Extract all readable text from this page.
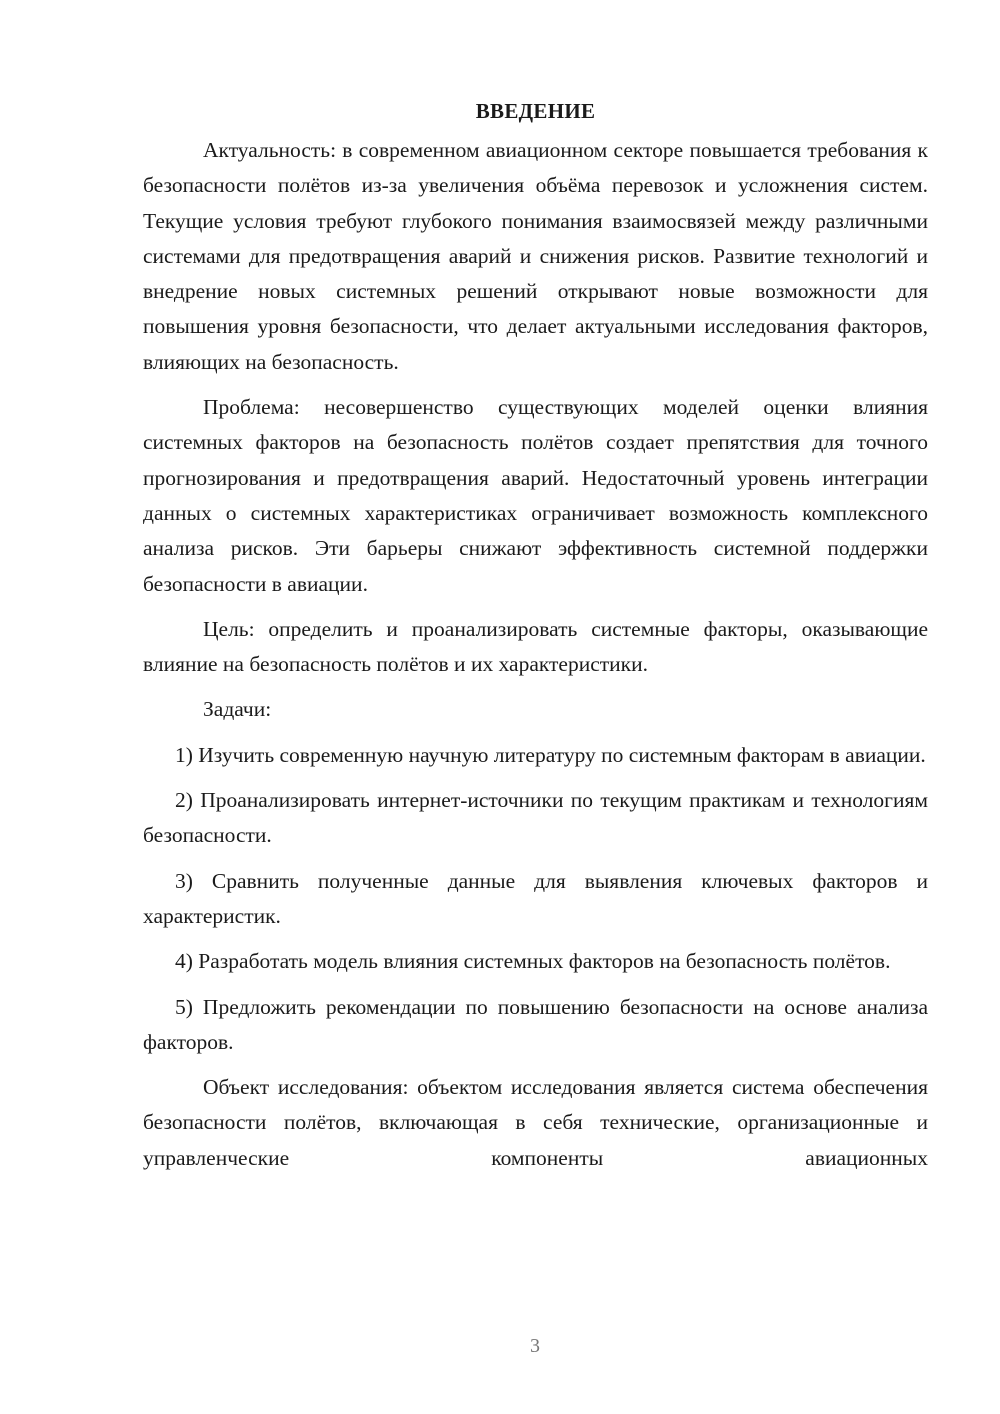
ВВЕДЕНИЕ

Актуальность: в современном авиационном секторе повышается требования к безопасности полётов из-за увеличения объёма перевозок и усложнения систем. Текущие условия требуют глубокого понимания взаимосвязей между различными системами для предотвращения аварий и снижения рисков. Развитие технологий и внедрение новых системных решений открывают новые возможности для повышения уровня безопасности, что делает актуальными исследования факторов, влияющих на безопасность.

Проблема: несовершенство существующих моделей оценки влияния системных факторов на безопасность полётов создает препятствия для точного прогнозирования и предотвращения аварий. Недостаточный уровень интеграции данных о системных характеристиках ограничивает возможность комплексного анализа рисков. Эти барьеры снижают эффективность системной поддержки безопасности в авиации.

Цель: определить и проанализировать системные факторы, оказывающие влияние на безопасность полётов и их характеристики.

Задачи:

1) Изучить современную научную литературу по системным факторам в авиации.

2) Проанализировать интернет-источники по текущим практикам и технологиям безопасности.

3) Сравнить полученные данные для выявления ключевых факторов и характеристик.

4) Разработать модель влияния системных факторов на безопасность полётов.

5) Предложить рекомендации по повышению безопасности на основе анализа факторов.

Объект исследования: объектом исследования является система обеспечения безопасности полётов, включающая в себя технические, организационные и управленческие компоненты авиационных

3
